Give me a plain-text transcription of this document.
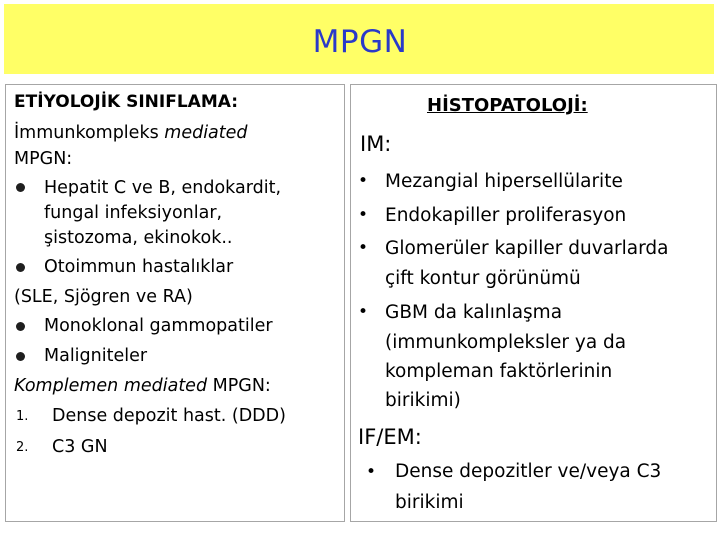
MPGN
ETİYOLOJİK SINIFLAMA:
İmmunkompleks mediated
MPGN:
Hepatit C ve B, endokardit,
fungal infeksiyonlar,
şistozoma, ekinokok..
Otoimmun hastalıklar
(SLE, Sjögren ve RA)
Monoklonal gammopatiler
Maligniteler
Komplemen mediated MPGN:
1. Dense depozit hast. (DDD)
2. C3 GN
HİSTOPATOLOJİ:
IM:
• Mezangial hipersellülarite
• Endokapiller proliferasyon
• Glomerüler kapiller duvarlarda
çift kontur görünümü
• GBM da kalınlaşma
(immunkompleksler ya da
kompleman faktörlerinin
birikimi)
IF/EM:
• Dense depozitler ve/veya C3
birikimi
